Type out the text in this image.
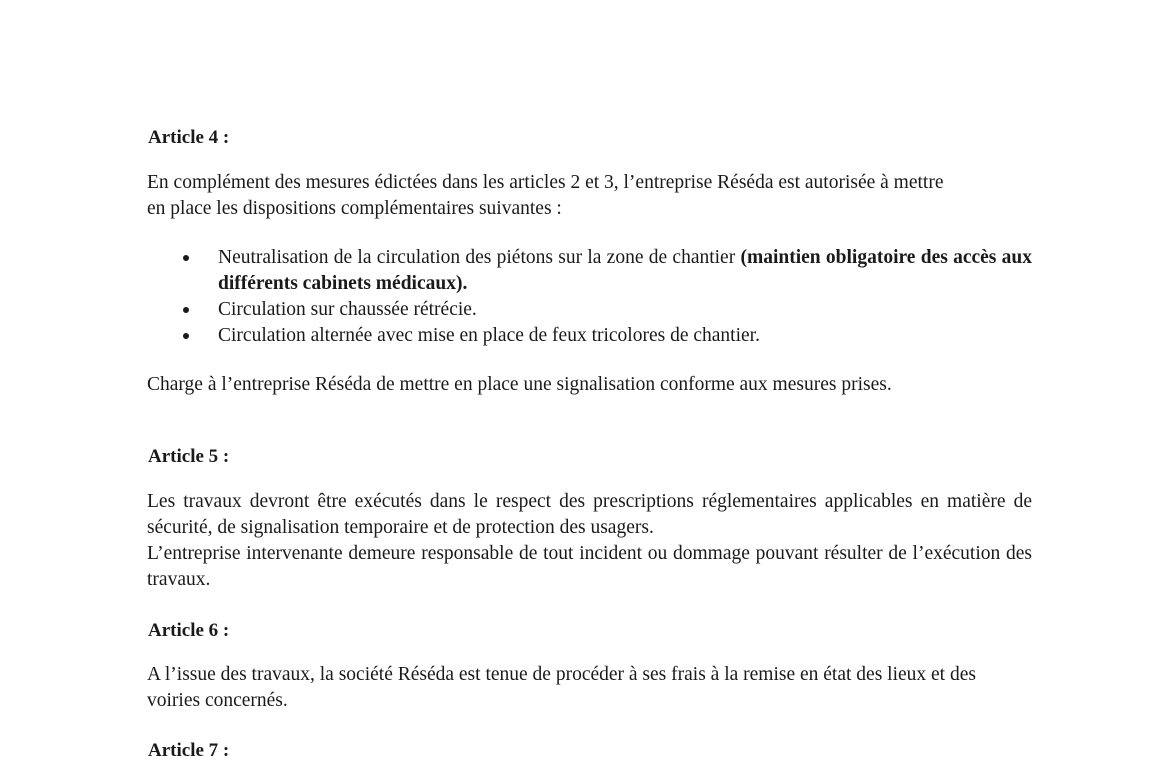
Article 4 :

En complément des mesures édictées dans les articles 2 et 3, l’entreprise Réséda est autorisée à mettre
en place les dispositions complémentaires suivantes :

Neutralisation de la circulation des piétons sur la zone de chantier (maintien obligatoire des accès aux différents cabinets médicaux).
Circulation sur chaussée rétrécie.
Circulation alternée avec mise en place de feux tricolores de chantier.

Charge à l’entreprise Réséda de mettre en place une signalisation conforme aux mesures prises.

Article 5 :

Les travaux devront être exécutés dans le respect des prescriptions réglementaires applicables en matière de sécurité, de signalisation temporaire et de protection des usagers.

L’entreprise intervenante demeure responsable de tout incident ou dommage pouvant résulter de l’exécution des travaux.

Article 6 :

A l’issue des travaux, la société Réséda est tenue de procéder à ses frais à la remise en état des lieux et des voiries concernés.

Article 7 :
